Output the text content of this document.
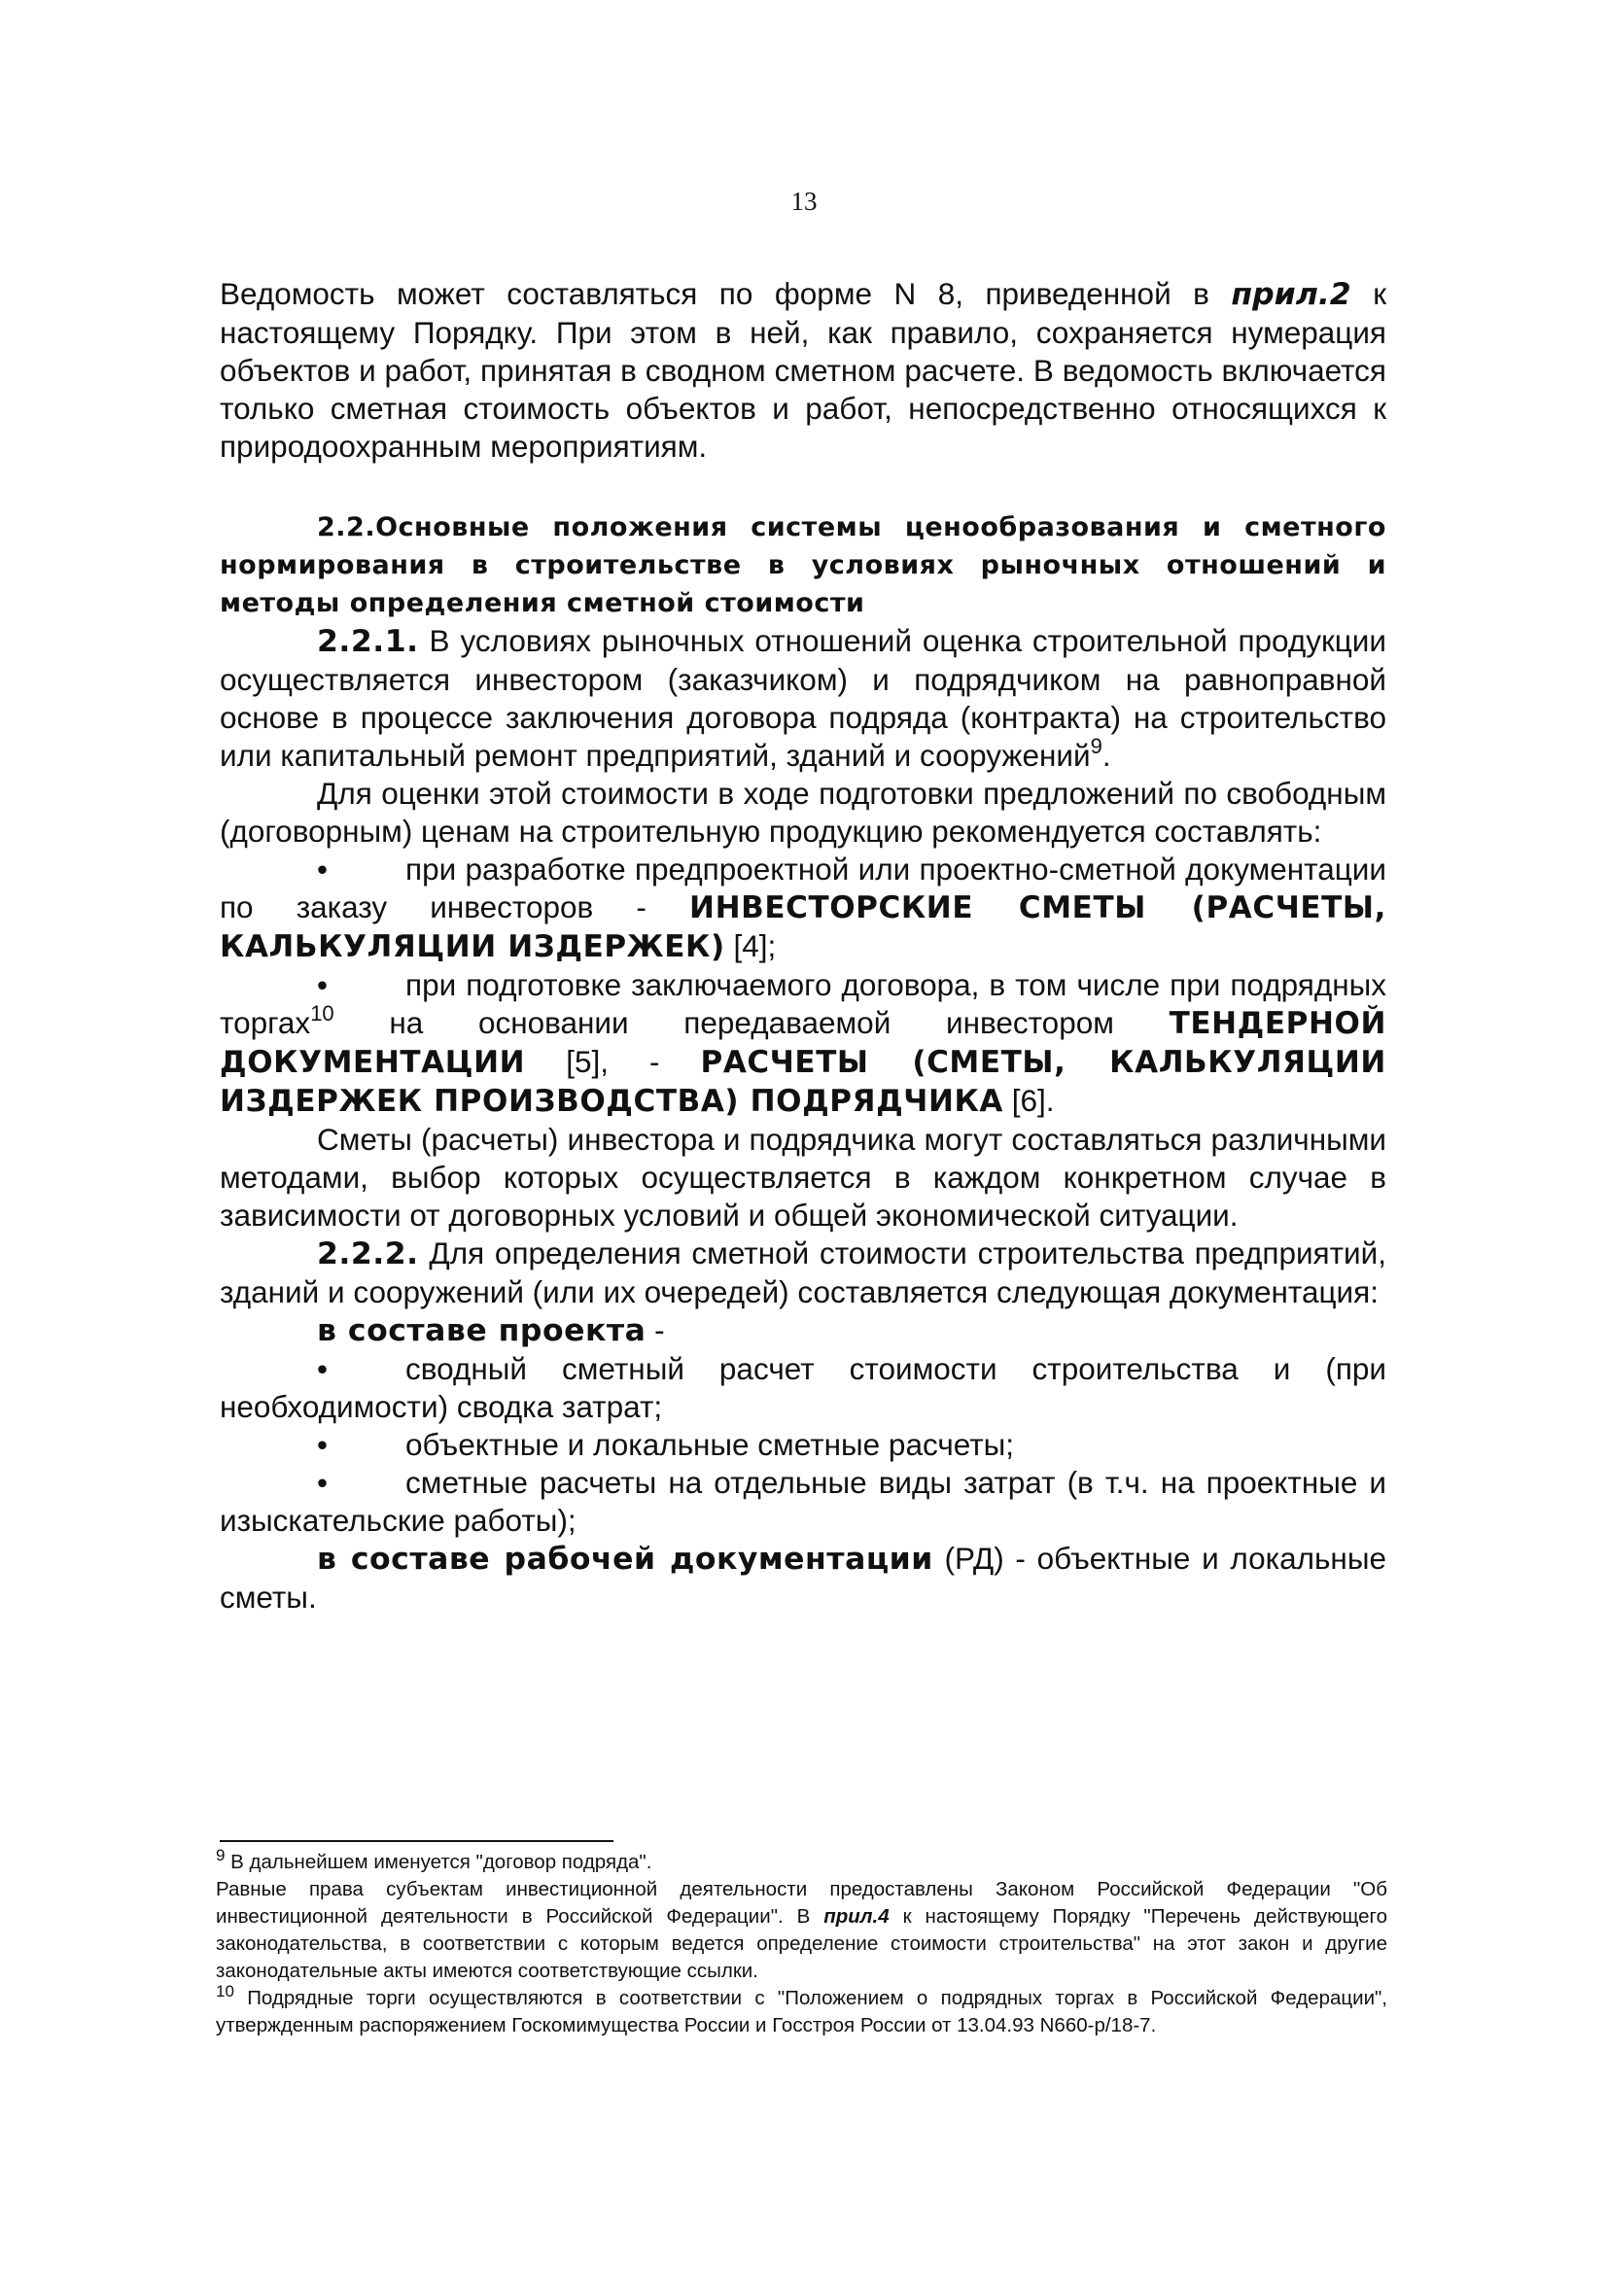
13

Ведомость может составляться по форме N 8, приведенной в прил.2 к настоящему Порядку. При этом в ней, как правило, сохраняется нумерация объектов и работ, принятая в сводном сметном расчете. В ведомость включается только сметная стоимость объектов и работ, непосредственно относящихся к природоохранным мероприятиям.

2.2.Основные положения системы ценообразования и сметного нормирования в строительстве в условиях рыночных отношений и методы определения сметной стоимости

2.2.1. В условиях рыночных отношений оценка строительной продукции осуществляется инвестором (заказчиком) и подрядчиком на равноправной основе в процессе заключения договора подряда (контракта) на строительство или капитальный ремонт предприятий, зданий и сооружений$^9$.

Для оценки этой стоимости в ходе подготовки предложений по свободным (договорным) ценам на строительную продукцию рекомендуется составлять:

•	при разработке предпроектной или проектно-сметной документации по заказу инвесторов - ИНВЕСТОРСКИЕ СМЕТЫ (РАСЧЕТЫ, КАЛЬКУЛЯЦИИ ИЗДЕРЖЕК) [4];

•	при подготовке заключаемого договора, в том числе при подрядных торгах$^{10}$ на основании передаваемой инвестором ТЕНДЕРНОЙ ДОКУМЕНТАЦИИ [5], - РАСЧЕТЫ (СМЕТЫ, КАЛЬКУЛЯЦИИ ИЗДЕРЖЕК ПРОИЗВОДСТВА) ПОДРЯДЧИКА [6].

Сметы (расчеты) инвестора и подрядчика могут составляться различными методами, выбор которых осуществляется в каждом конкретном случае в зависимости от договорных условий и общей экономической ситуации.

2.2.2. Для определения сметной стоимости строительства предприятий, зданий и сооружений (или их очередей) составляется следующая документация:

в составе проекта -

•	сводный сметный расчет стоимости строительства и (при необходимости) сводка затрат;

•	объектные и локальные сметные расчеты;

•	сметные расчеты на отдельные виды затрат (в т.ч. на проектные и изыскательские работы);

в составе рабочей документации (РД) - объектные и локальные сметы.

$^9$ В дальнейшем именуется "договор подряда".

Равные права субъектам инвестиционной деятельности предоставлены Законом Российской Федерации "Об инвестиционной деятельности в Российской Федерации". В прил.4 к настоящему Порядку "Перечень действующего законодательства, в соответствии с которым ведется определение стоимости строительства" на этот закон и другие законодательные акты имеются соответствующие ссылки.

$^{10}$ Подрядные торги осуществляются в соответствии с "Положением о подрядных торгах в Российской Федерации", утвержденным распоряжением Госкомимущества России и Госстроя России от 13.04.93 N660-р/18-7.
